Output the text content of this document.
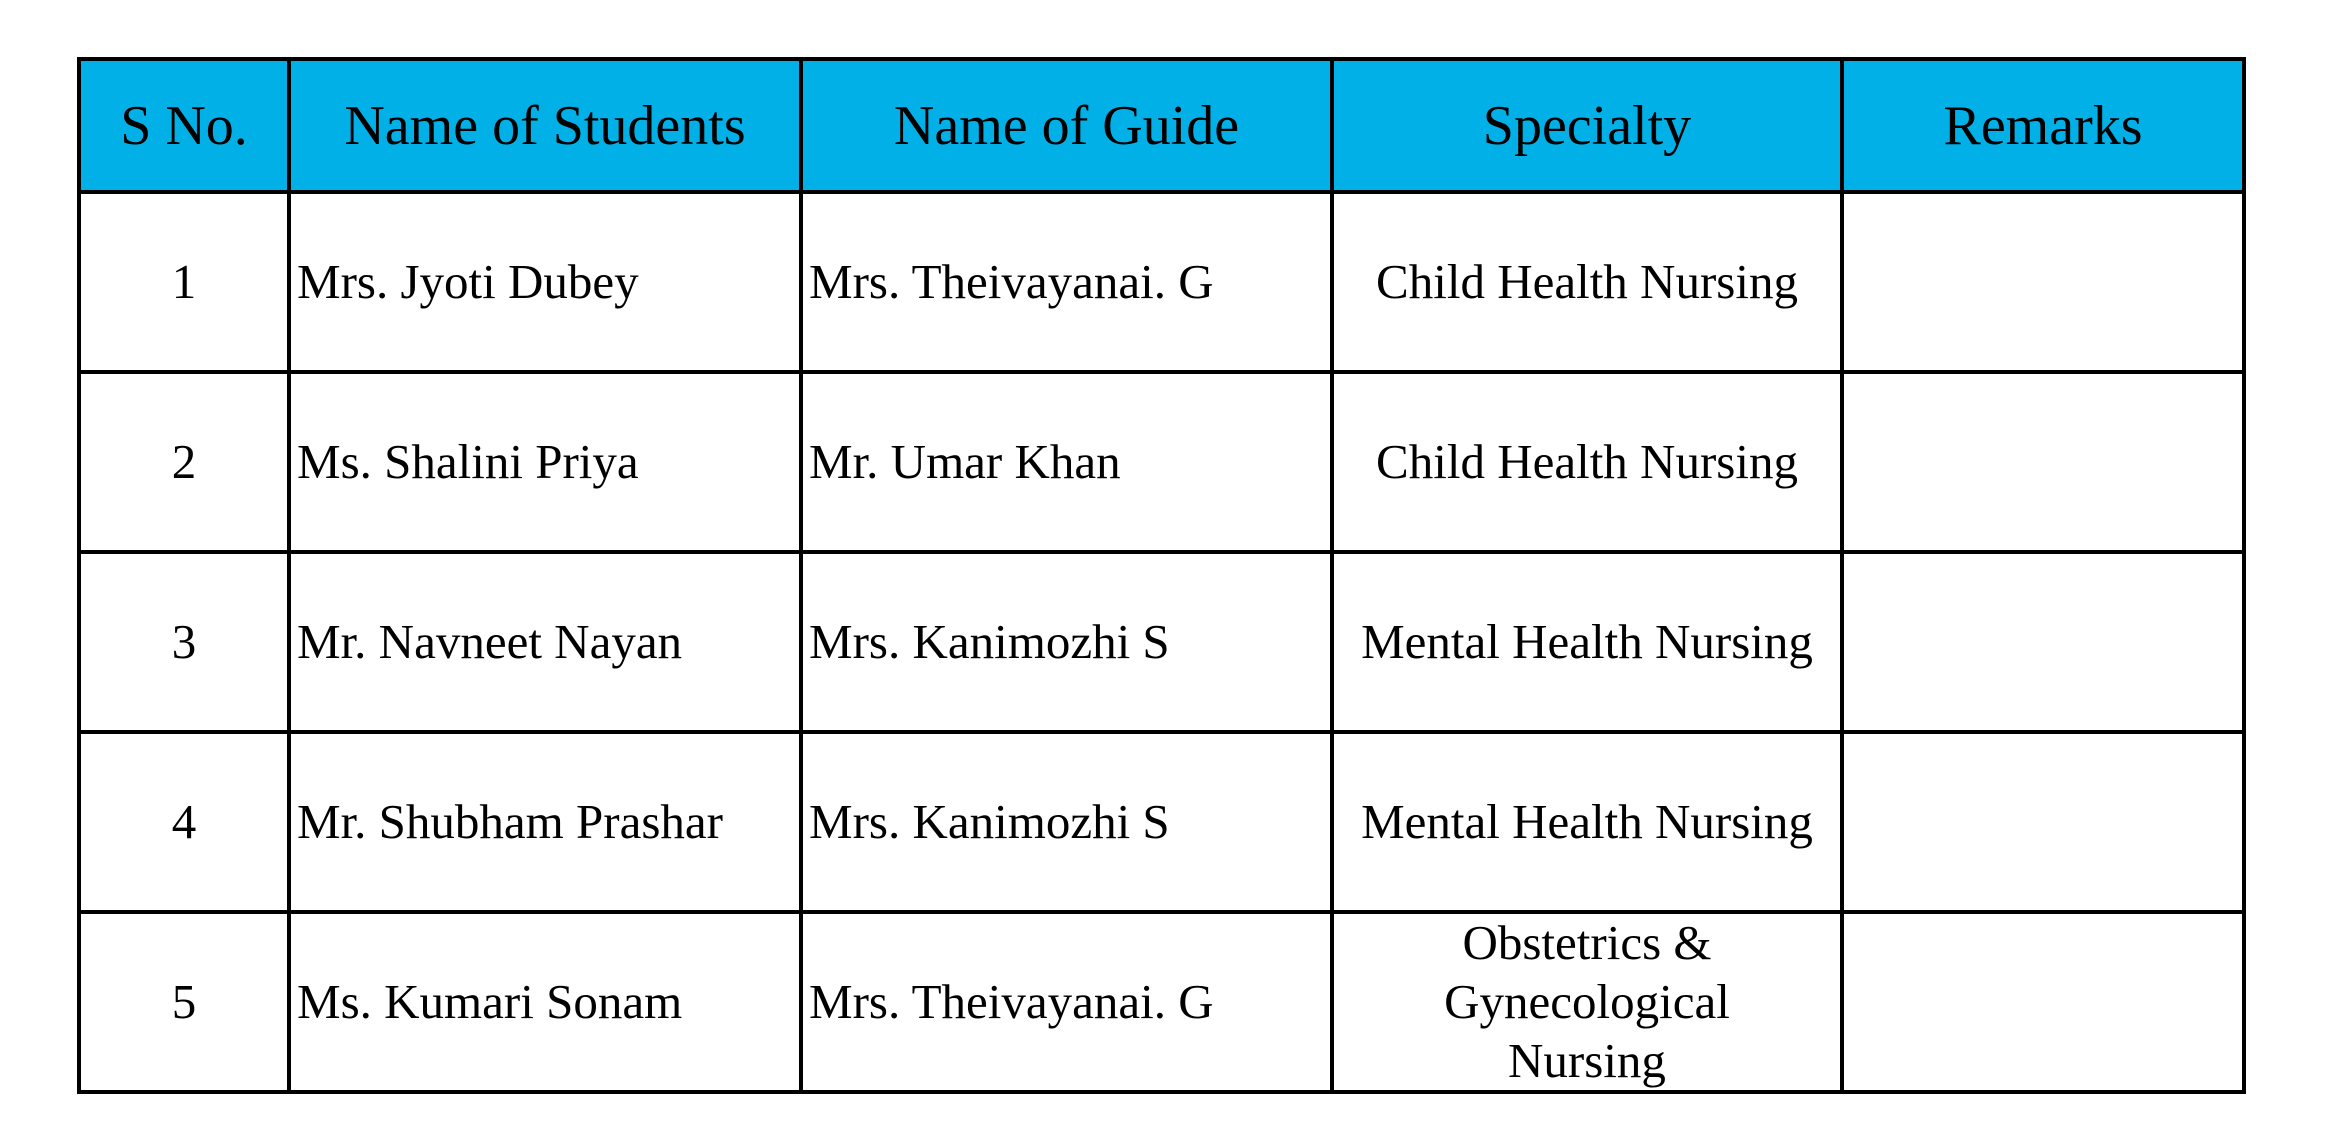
S No.	Name of Students	Name of Guide	Specialty	Remarks
1	Mrs. Jyoti Dubey	Mrs. Theivayanai. G	Child Health Nursing	
2	Ms. Shalini Priya	Mr. Umar Khan	Child Health Nursing	
3	Mr. Navneet Nayan	Mrs. Kanimozhi S	Mental Health Nursing	
4	Mr. Shubham Prashar	Mrs. Kanimozhi S	Mental Health Nursing	
5	Ms. Kumari Sonam	Mrs. Theivayanai. G	Obstetrics & Gynecological Nursing	
